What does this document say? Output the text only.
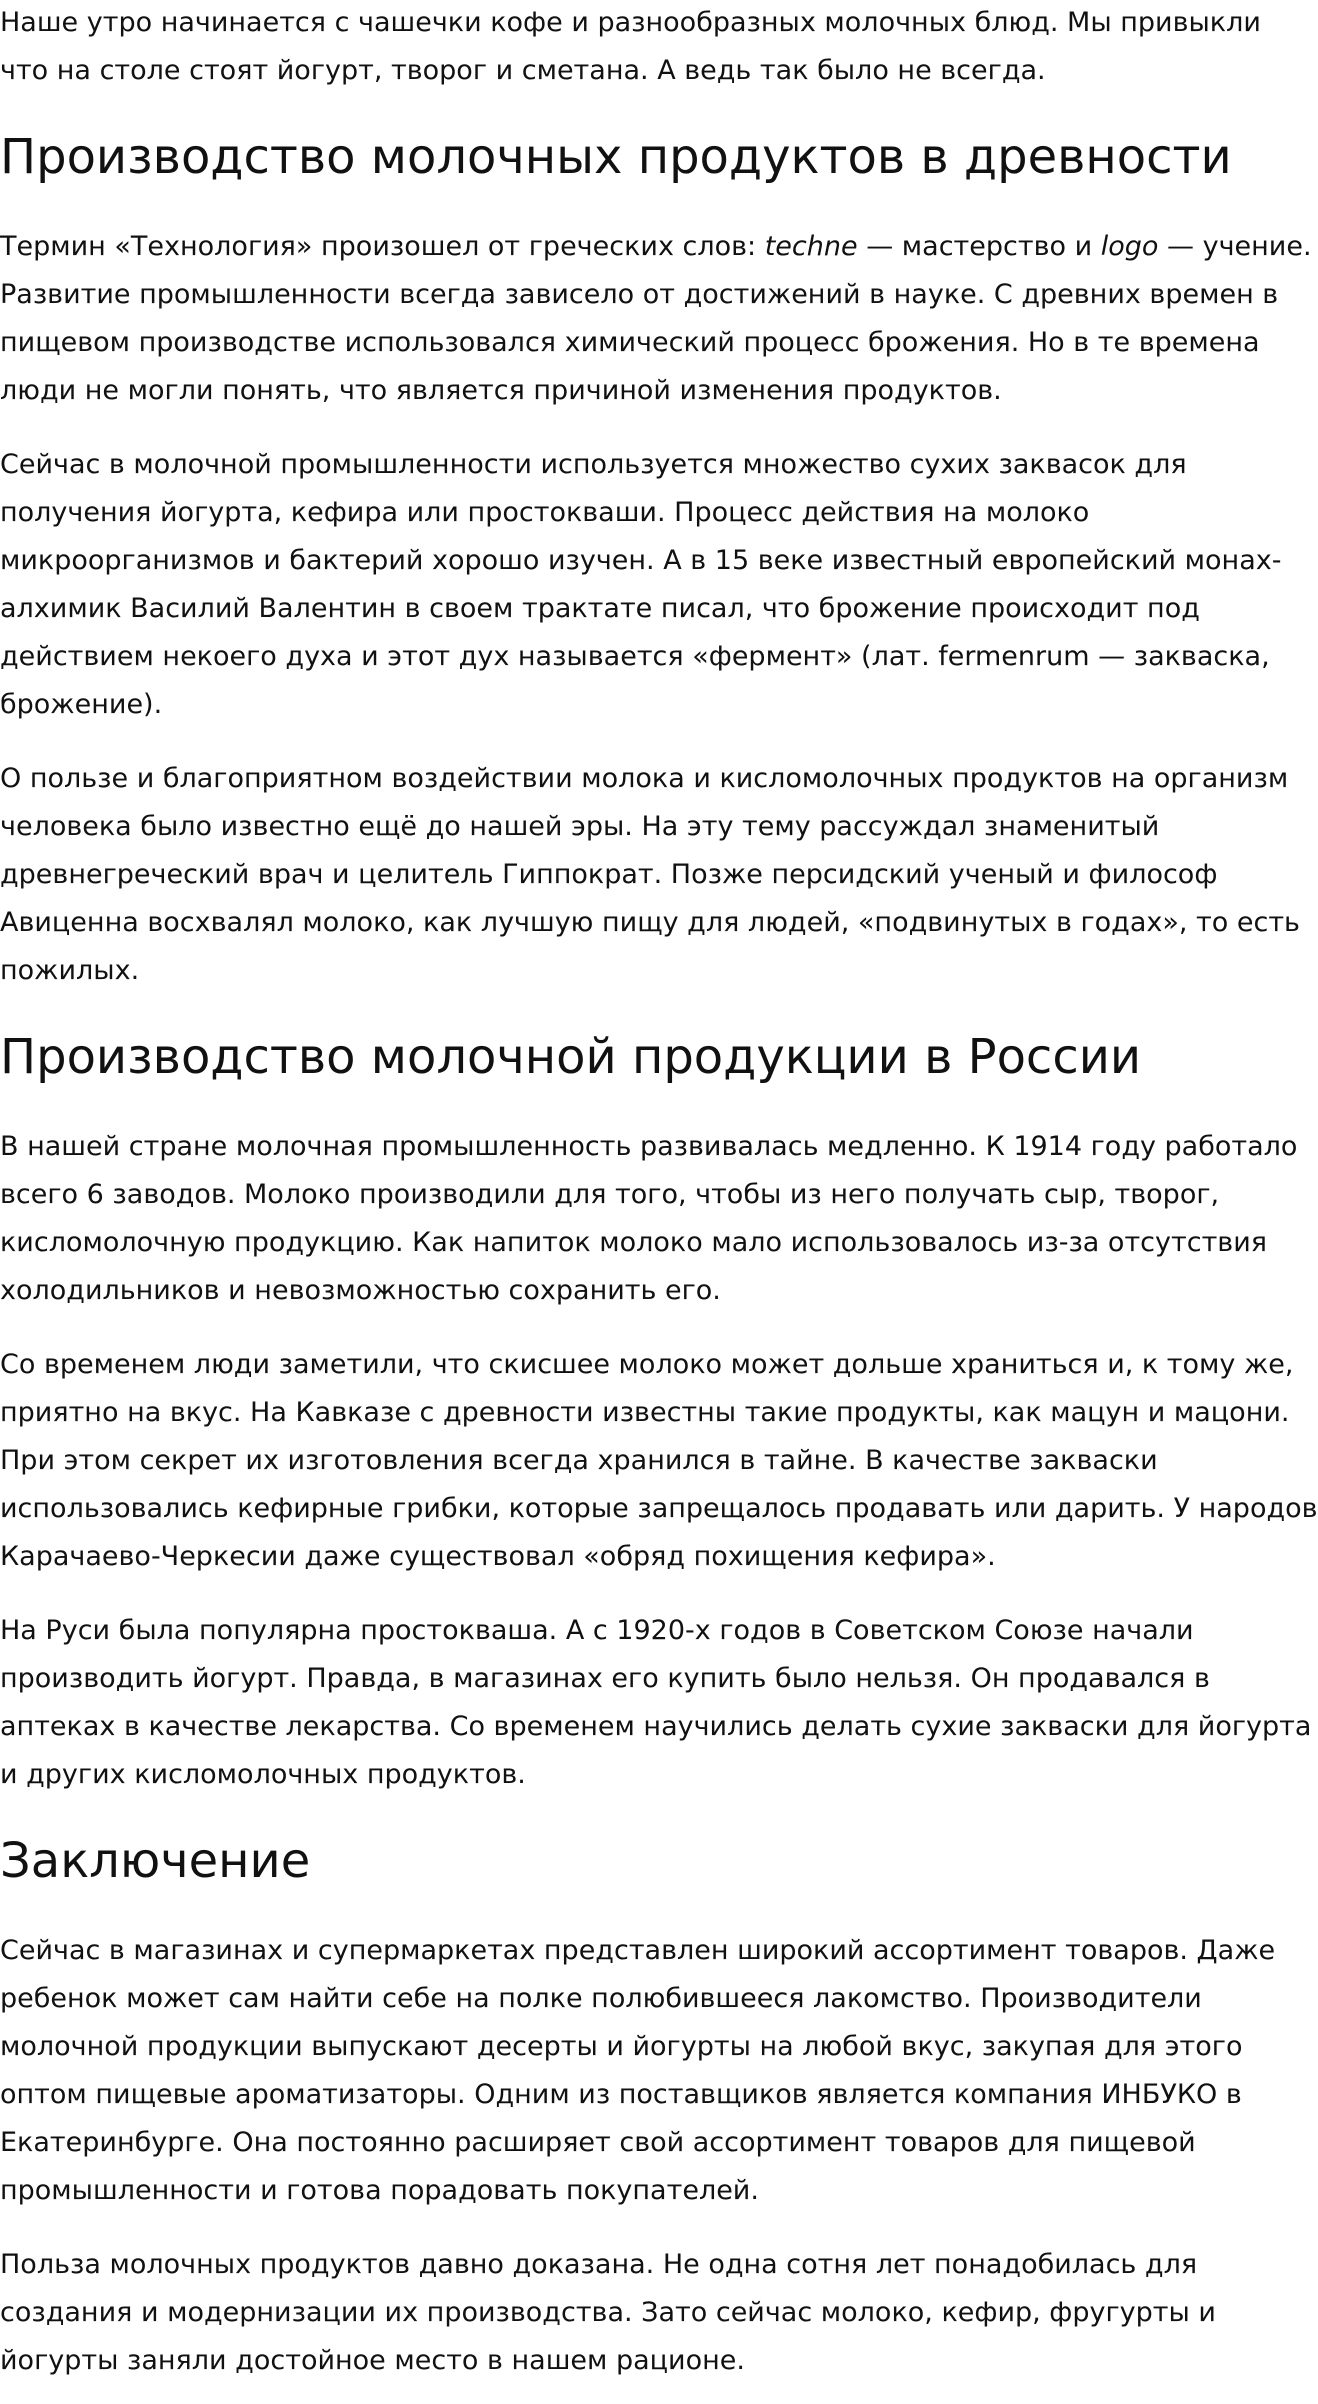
Наше утро начинается с чашечки кофе и разнообразных молочных блюд. Мы привыкли
что на столе стоят йогурт, творог и сметана. А ведь так было не всегда.

Производство молочных продуктов в древности

Термин «Технология» произошел от греческих слов: techne — мастерство и logo — учение.
Развитие промышленности всегда зависело от достижений в науке. С древних времен в
пищевом производстве использовался химический процесс брожения. Но в те времена
люди не могли понять, что является причиной изменения продуктов.

Сейчас в молочной промышленности используется множество сухих заквасок для
получения йогурта, кефира или простокваши. Процесс действия на молоко
микроорганизмов и бактерий хорошо изучен. А в 15 веке известный европейский монах-
алхимик Василий Валентин в своем трактате писал, что брожение происходит под
действием некоего духа и этот дух называется «фермент» (лат. fermenrum — закваска,
брожение).

О пользе и благоприятном воздействии молока и кисломолочных продуктов на организм
человека было известно ещё до нашей эры. На эту тему рассуждал знаменитый
древнегреческий врач и целитель Гиппократ. Позже персидский ученый и философ
Авиценна восхвалял молоко, как лучшую пищу для людей, «подвинутых в годах», то есть
пожилых.

Производство молочной продукции в России

В нашей стране молочная промышленность развивалась медленно. К 1914 году работало
всего 6 заводов. Молоко производили для того, чтобы из него получать сыр, творог,
кисломолочную продукцию. Как напиток молоко мало использовалось из-за отсутствия
холодильников и невозможностью сохранить его.

Со временем люди заметили, что скисшее молоко может дольше храниться и, к тому же,
приятно на вкус. На Кавказе с древности известны такие продукты, как мацун и мацони.
При этом секрет их изготовления всегда хранился в тайне. В качестве закваски
использовались кефирные грибки, которые запрещалось продавать или дарить. У народов
Карачаево-Черкесии даже существовал «обряд похищения кефира».

На Руси была популярна простокваша. А с 1920-х годов в Советском Союзе начали
производить йогурт. Правда, в магазинах его купить было нельзя. Он продавался в
аптеках в качестве лекарства. Со временем научились делать сухие закваски для йогурта
и других кисломолочных продуктов.

Заключение

Сейчас в магазинах и супермаркетах представлен широкий ассортимент товаров. Даже
ребенок может сам найти себе на полке полюбившееся лакомство. Производители
молочной продукции выпускают десерты и йогурты на любой вкус, закупая для этого
оптом пищевые ароматизаторы. Одним из поставщиков является компания ИНБУКО в
Екатеринбурге. Она постоянно расширяет свой ассортимент товаров для пищевой
промышленности и готова порадовать покупателей.

Польза молочных продуктов давно доказана. Не одна сотня лет понадобилась для
создания и модернизации их производства. Зато сейчас молоко, кефир, фругурты и
йогурты заняли достойное место в нашем рационе.
